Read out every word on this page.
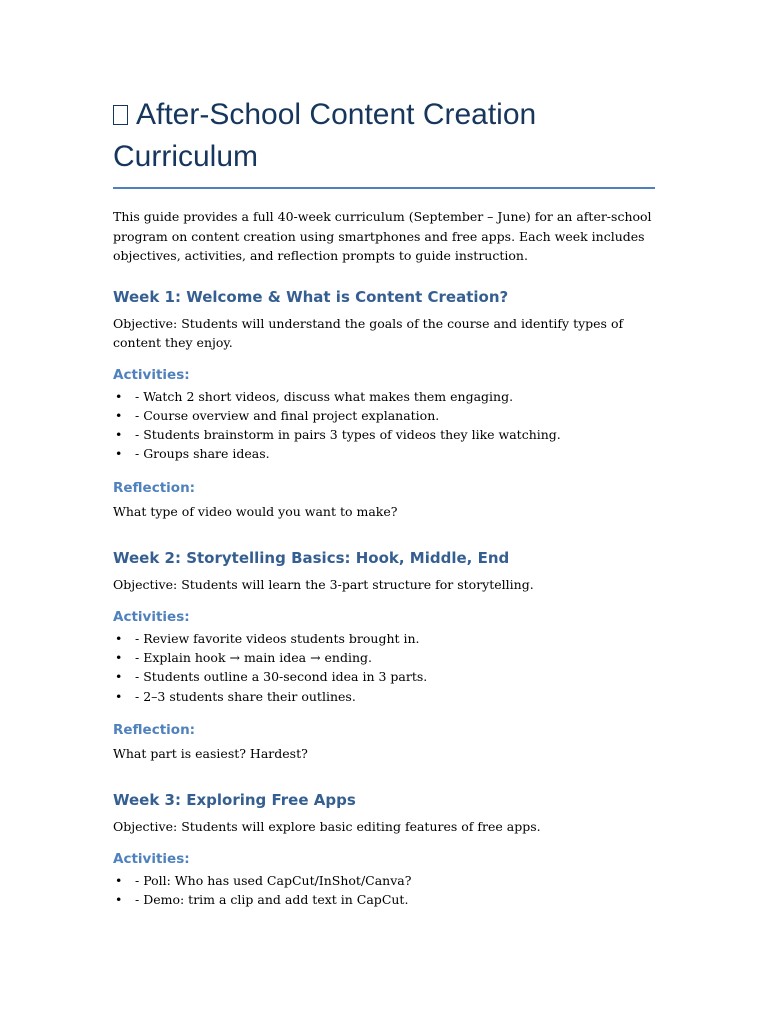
After-School Content Creation
Curriculum

This guide provides a full 40-week curriculum (September – June) for an after-school program on content creation using smartphones and free apps. Each week includes objectives, activities, and reflection prompts to guide instruction.

Week 1: Welcome & What is Content Creation?

Objective: Students will understand the goals of the course and identify types of content they enjoy.

Activities:
• - Watch 2 short videos, discuss what makes them engaging.
• - Course overview and final project explanation.
• - Students brainstorm in pairs 3 types of videos they like watching.
• - Groups share ideas.
Reflection:

What type of video would you want to make?

Week 2: Storytelling Basics: Hook, Middle, End

Objective: Students will learn the 3-part structure for storytelling.

Activities:
• - Review favorite videos students brought in.
• - Explain hook → main idea → ending.
• - Students outline a 30-second idea in 3 parts.
• - 2–3 students share their outlines.
Reflection:

What part is easiest? Hardest?

Week 3: Exploring Free Apps

Objective: Students will explore basic editing features of free apps.

Activities:
• - Poll: Who has used CapCut/InShot/Canva?
• - Demo: trim a clip and add text in CapCut.
